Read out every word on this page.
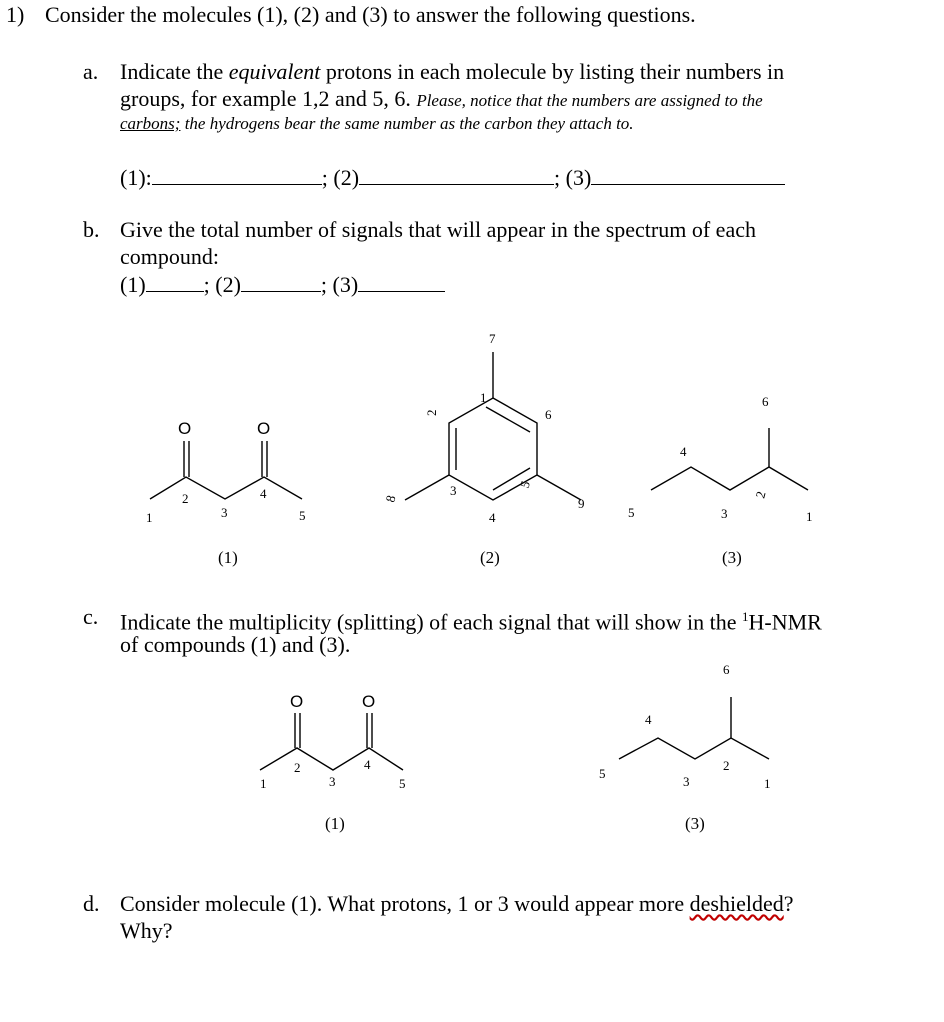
1) Consider the molecules (1), (2) and (3) to answer the following questions.
a. Indicate the equivalent protons in each molecule by listing their numbers in
groups, for example 1,2 and 5, 6. Please, notice that the numbers are assigned to the
carbons; the hydrogens bear the same number as the carbon they attach to.
(1):	; (2)	; (3)
b. Give the total number of signals that will appear in the spectrum of each
compound:
(1)	; (2)	; (3)
O	O
1
2
3
4
5
1
2
3
4
5
6
7
8	9
1
2
3
4
5
6
(1)	(2)	(3)
O	O
1
2
3
4
5	1
2
3
4
5
6
(1)	(3)
c. Indicate the multiplicity (splitting) of each signal that will show in the $^1$H-NMR
of compounds (1) and (3).
d. Consider molecule (1). What protons, 1 or 3 would appear more deshielded?
Why?
